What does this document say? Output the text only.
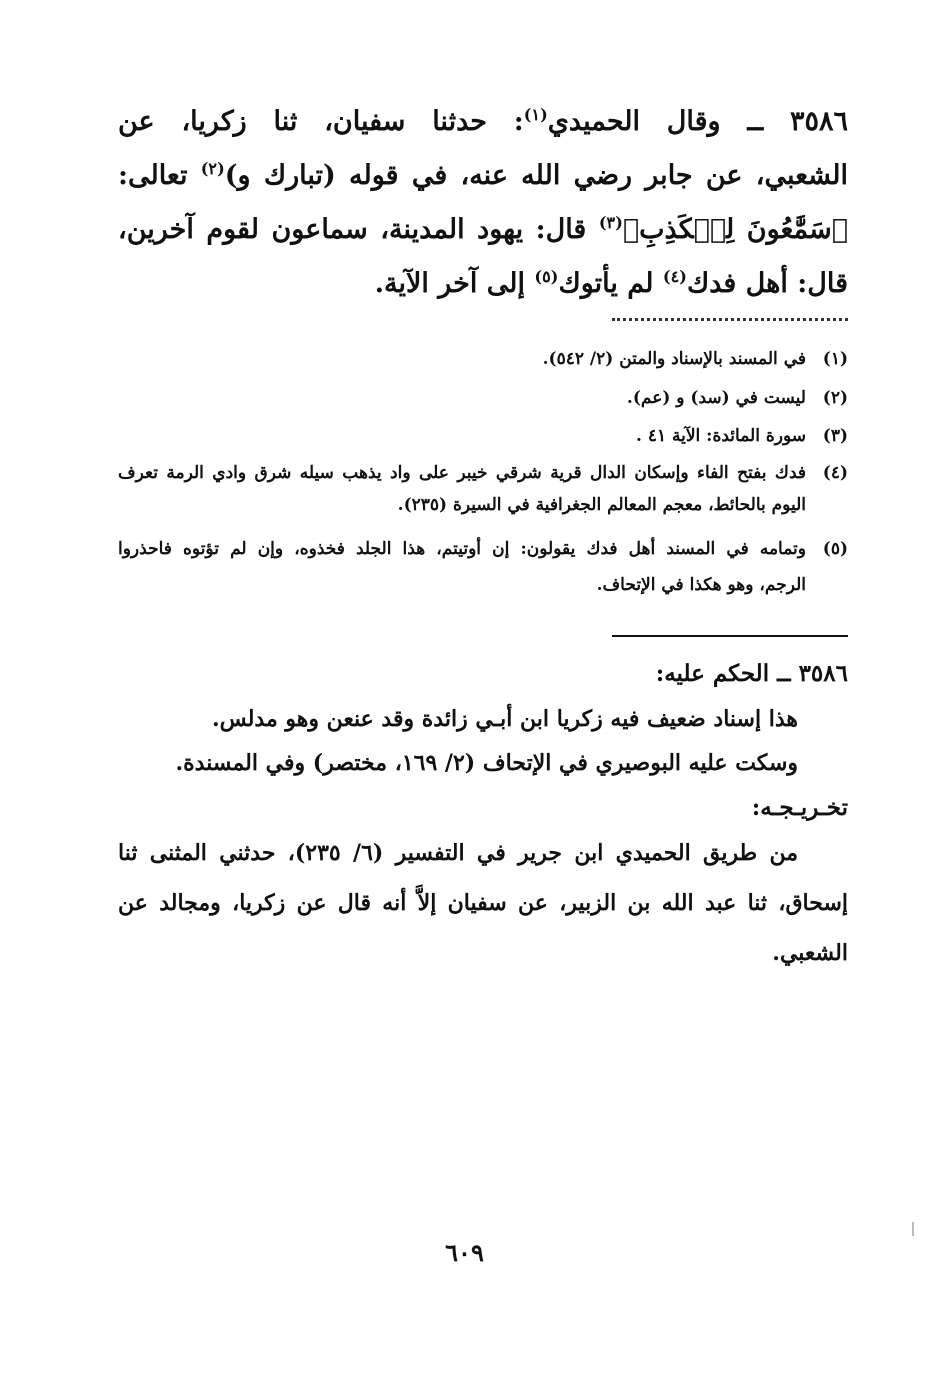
٣٥٨٦ ــ وقال الحميدي$^{(١)}$: حدثنا سفيان، ثنا زكريا، عن
الشعبي، عن جابر رضي الله عنه، في قوله (تبارك و)$^{(٢)}$ تعالى:
﴿سَمَّٰعُونَ لِلۡكَذِبِ﴾$^{(٣)}$ قال: يهود المدينة، سماعون لقوم آخرين،
قال: أهل فدك$^{(٤)}$ لم يأتوك$^{(٥)}$ إلى آخر الآية.
(١)
في المسند بالإسناد والمتن (٢/ ٥٤٢).
(٢)
ليست في (سد) و (عم).
(٣)
سورة المائدة: الآية ٤١ .
(٤)
فدك بفتح الفاء وإسكان الدال قرية شرقي خيبر على واد يذهب سيله شرق وادي الرمة تعرف
اليوم بالحائط، معجم المعالم الجغرافية في السيرة (٢٣٥).
(٥)
وتمامه في المسند أهل فدك يقولون: إن أوتيتم، هذا الجلد فخذوه، وإن لم تؤتوه فاحذروا
الرجم، وهو هكذا في الإتحاف.
٣٥٨٦ ــ الحكم عليه:
هذا إسناد ضعيف فيه زكريا ابن أبـي زائدة وقد عنعن وهو مدلس.
وسكت عليه البوصيري في الإتحاف (٢/ ١٦٩، مختصر) وفي المسندة.
تخـريـجـه:
من طريق الحميدي ابن جرير في التفسير (٦/ ٢٣٥)، حدثني المثنى ثنا
إسحاق، ثنا عبد الله بن الزبير، عن سفيان إلاَّ أنه قال عن زكريا، ومجالد عن
الشعبي.
٦٠٩
